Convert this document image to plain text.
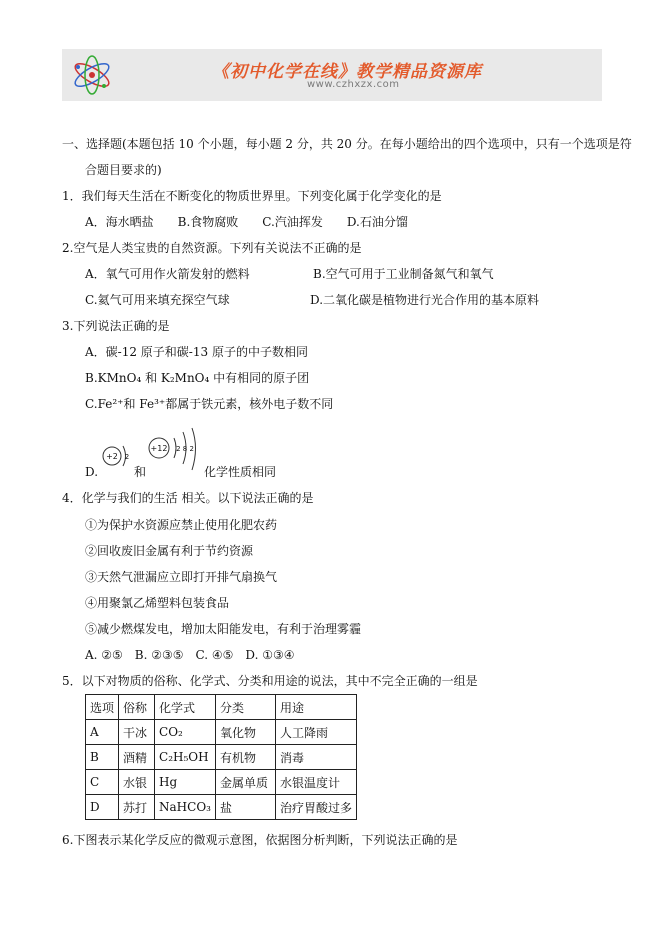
《初中化学在线》教学精品资源库
www.czhxzx.com
一、选择题(本题包括 10 个小题，每小题 2 分，共 20 分。在每小题给出的四个选项中，只有一个选项是符
合题目要求的)
1．我们每天生活在不断变化的物质世界里。下列变化属于化学变化的是
A．海水晒盐　　B.食物腐败　　C.汽油挥发　　D.石油分馏
2.空气是人类宝贵的自然资源。下列有关说法不正确的是
A．氧气可用作火箭发射的燃料	B.空气可用于工业制备氮气和氧气
C.氦气可用来填充探空气球	D.二氧化碳是植物进行光合作用的基本原料
3.下列说法正确的是
A．碳-12 原子和碳-13 原子的中子数相同
B.KMnO₄ 和 K₂MnO₄ 中有相同的原子团
C.Fe²⁺和 Fe³⁺都属于铁元素，核外电子数不同
D.
+2 2
和
+12 2 8 2
化学性质相同
4．化学与我们的生活 相关。以下说法正确的是
①为保护水资源应禁止使用化肥农药
②回收废旧金属有利于节约资源
③天然气泄漏应立即打开排气扇换气
④用聚氯乙烯塑料包装食品
⑤减少燃煤发电，增加太阳能发电，有利于治理雾霾
A. ②⑤　B. ②③⑤　C. ④⑤　D. ①③④
5．以下对物质的俗称、化学式、分类和用途的说法，其中不完全正确的一组是
选项	俗称	化学式	分类	用途
A	干冰	CO₂	氧化物	人工降雨
B	酒精	C₂H₅OH	有机物	消毒
C	水银	Hg	金属单质	水银温度计
D	苏打	NaHCO₃	盐	治疗胃酸过多
6.下图表示某化学反应的微观示意图，依据图分析判断，下列说法正确的是
